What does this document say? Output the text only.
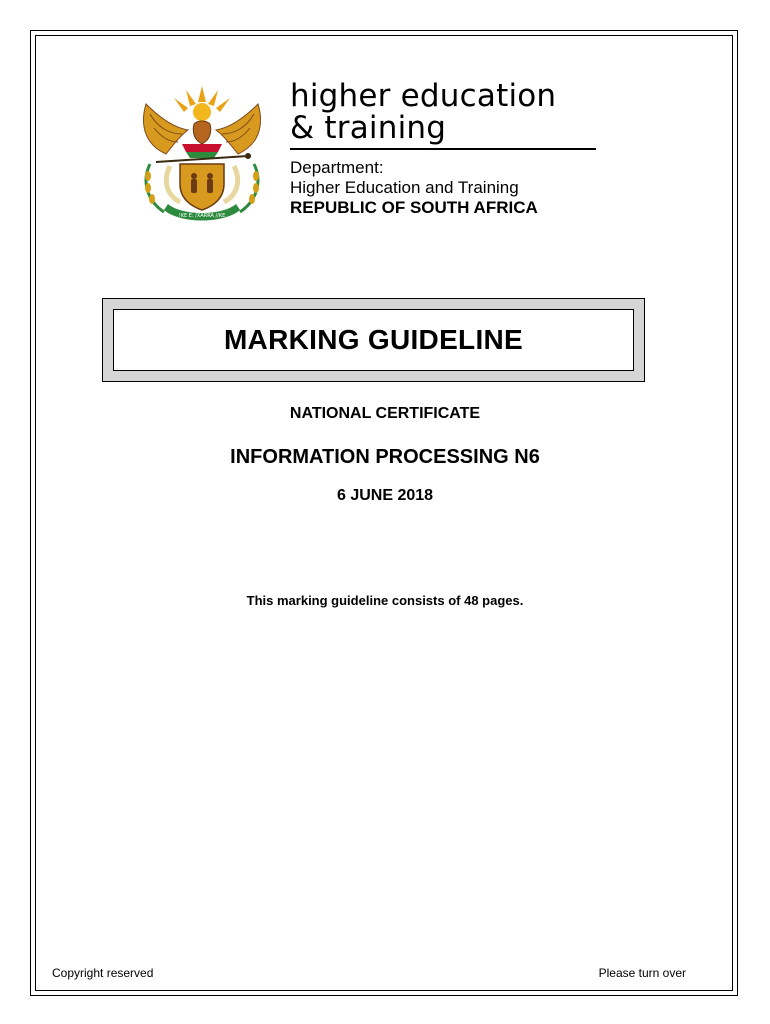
!KE E: /XARRA //KE
higher education
& training
Department:
Higher Education and Training
REPUBLIC OF SOUTH AFRICA
MARKING GUIDELINE
NATIONAL CERTIFICATE
INFORMATION PROCESSING N6
6 JUNE 2018
This marking guideline consists of 48 pages.
Copyright reserved	Please turn over
